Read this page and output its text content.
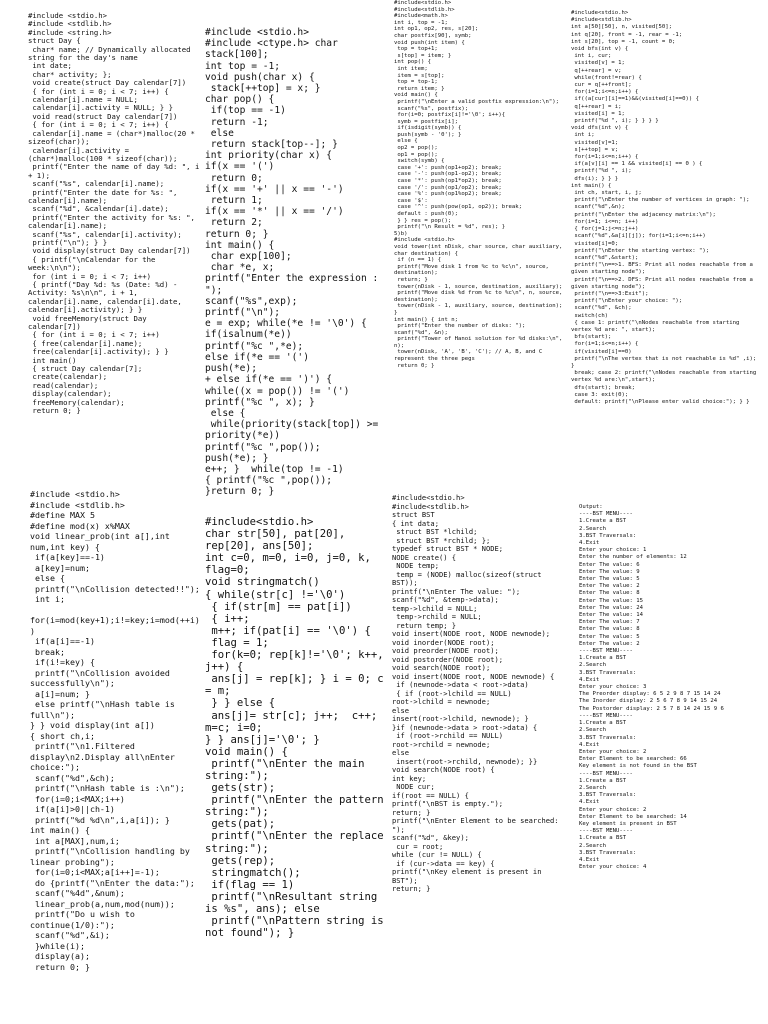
#include <stdio.h>
#include <stdlib.h>
#include <string.h>
struct Day {
char* name; // Dynamically allocated string for the day's name
int date;
char* activity; };
void create(struct Day calendar[7])
{ for (int i = 0; i < 7; i++) {
calendar[i].name = NULL;
calendar[i].activity = NULL; } }
void read(struct Day calendar[7])
{ for (int i = 0; i < 7; i++) {
calendar[i].name = (char*)malloc(20 * sizeof(char));
calendar[i].activity = (char*)malloc(100 * sizeof(char));
printf("Enter the name of day %d: ", i + 1);
scanf("%s", calendar[i].name);
printf("Enter the date for %s: ", calendar[i].name);
scanf("%d", &calendar[i].date);
printf("Enter the activity for %s: ", calendar[i].name);
scanf("%s", calendar[i].activity);
printf("\n"); } }
void display(struct Day calendar[7])
{ printf("\nCalendar for the week:\n\n");
for (int i = 0; i < 7; i++)
{ printf("Day %d: %s (Date: %d) - Activity: %s\n\n", i + 1, calendar[i].name, calendar[i].date, calendar[i].activity); } }
void freeMemory(struct Day calendar[7])
{ for (int i = 0; i < 7; i++)
{ free(calendar[i].name);
free(calendar[i].activity); } }
int main()
{ struct Day calendar[7];
create(calendar);
read(calendar);
display(calendar);
freeMemory(calendar);
return 0; }
#include <stdio.h>
#include <ctype.h> char stack[100];
int top = -1;
void push(char x) {
stack[++top] = x; }
char pop() {
if(top == -1)
return -1;
else
return stack[top--]; }
int priority(char x) {
if(x == '(')
return 0;
if(x == '+' || x == '-')
return 1;
if(x == '*' || x == '/')
return 2;
return 0; }
int main() {
char exp[100];
char *e, x;
printf("Enter the expression : ");
scanf("%s",exp);
printf("\n");
e = exp; while(*e != '\0') {
if(isalnum(*e))
printf("%c ",*e);
else if(*e == '(')
push(*e);
+ else if(*e == ')') {
while((x = pop()) != '(')
printf("%c ", x); }
else {
while(priority(stack[top]) >= priority(*e))
printf("%c ",pop());
push(*e); }
e++; }  while(top != -1)
{ printf("%c ",pop());
}return 0; }
#include<stdio.h>
#include<stdlib.h>
#include<math.h>
int i, top = -1;
int op1, op2, res, s[20];
char postfix[90], symb;
void push(int item) {
top = top+1;
s[top] = item; }
int pop() {
int item;
item = s[top];
top = top-1;
return item; }
void main() {
printf("\nEnter a valid postfix expression:\n");
scanf("%s", postfix);
for(i=0; postfix[i]!='\0'; i++){
symb = postfix[i];
if(isdigit(symb)) {
push(symb - '0'); }
else {
op2 = pop();
op1 = pop();
switch(symb) {
case '+': push(op1+op2); break;
case '-': push(op1-op2); break;
case '*': push(op1*op2); break;
case '/': push(op1/op2); break;
case '%': push(op1%op2); break;
case '$':
case '^': push(pow(op1, op2)); break;
default : push(0);
} } res = pop();
printf("\n Result = %d", res); }
5)b)
#include <stdio.h>
void tower(int nDisk, char source, char auxiliary, char destination) {
if (n == 1) {
printf("Move disk 1 from %c to %c\n", source, destination);
return; }
tower(nDisk - 1, source, destination, auxiliary);
printf("Move disk %d from %c to %c\n", n, source, destination);
tower(nDisk - 1, auxiliary, source, destination); }
int main() { int n;
printf("Enter the number of disks: "); scanf("%d", &n);
printf("Tower of Hanoi solution for %d disks:\n", n);
tower(nDisk, 'A', 'B', 'C'); // A, B, and C represent the three pegs
return 0; }
#include<stdio.h>
#include<stdlib.h>
int a[50][50], n, visited[50];
int q[20], front = -1, rear = -1;
int s[20], top = -1, count = 0;
void bfs(int v) {
int i, cur;
visited[v] = 1;
q[++rear] = v;
while(front!=rear) {
cur = q[++front];
for(i=1;i<=n;i++) {
if((a[cur][i]==1)&&(visited[i]==0)) {
q[++rear] = i;
visited[i] = 1;
printf("%d ", i); } } } }
void dfs(int v) {
int i;
visited[v]=1;
s[++top] = v;
for(i=1;i<=n;i++) {
if(a[v][i] == 1 && visited[i] == 0 ) {
printf("%d ", i);
dfs(i); } } }
int main() {
int ch, start, i, j;
printf("\nEnter the number of vertices in graph: ");
scanf("%d",&n);
printf("\nEnter the adjacency matrix:\n");
for(i=1; i<=n; i++)
{ for(j=1;j<=n;j++)
scanf("%d",&a[i][j]); for(i=1;i<=n;i++)
visited[i]=0;
printf("\nEnter the starting vertex: ");
scanf("%d",&start);
printf("\n==>1. BFS: Print all nodes reachable from a given starting node");
printf("\n==>2. DFS: Print all nodes reachable from a given starting node");
printf("\n==>3:Exit");
printf("\nEnter your choice: ");
scanf("%d", &ch);
switch(ch)
{ case 1: printf("\nNodes reachable from starting vertex %d are: ", start);
bfs(start);
for(i=1;i<=n;i++) {
if(visited[i]==0)
printf("\nThe vertex that is not reachable is %d" ,i); }
break; case 2: printf("\nNodes reachable from starting vertex %d are:\n",start);
dfs(start); break;
case 3: exit(0);
default: printf("\nPlease enter valid choice:"); } }
#include <stdio.h>
#include <stdlib.h>
#define MAX 5
#define mod(x) x%MAX
void linear_prob(int a[],int num,int key) {
if(a[key]==-1)
a[key]=num;
else {
printf("\nCollision detected!!");
int i;
for(i=mod(key+1);i!=key;i=mod(++i))
if(a[i]==-1)
break;
if(i!=key) {
printf("\nCollision avoided successfully\n");
a[i]=num; }
else printf("\nHash table is full\n");
} } void display(int a[])
{ short ch,i;
printf("\n1.Filtered display\n2.Display all\nEnter choice:");
scanf("%d",&ch);
printf("\nHash table is :\n");
for(i=0;i<MAX;i++)
if(a[i]>0||ch-1)
printf("%d %d\n",i,a[i]); }
int main() {
int a[MAX],num,i;
printf("\nCollision handling by linear probing");
for(i=0;i<MAX;a[i++]=-1);
do {printf("\nEnter the data:");
scanf("%4d",&num);
linear_prob(a,num,mod(num));
printf("Do u wish to continue(1/0):");
scanf("%d",&i);
}while(i);
display(a);
return 0; }
#include<stdio.h>
char str[50], pat[20], rep[20], ans[50];
int c=0, m=0, i=0, j=0, k, flag=0;
void stringmatch()
{ while(str[c] !='\0')
{ if(str[m] == pat[i])
{ i++;
m++; if(pat[i] == '\0') {
flag = 1;
for(k=0; rep[k]!='\0'; k++, j++) {
ans[j] = rep[k]; } i = 0; c = m;
} } else {
ans[j]= str[c]; j++;  c++; m=c; i=0;
} } ans[j]='\0'; }
void main() {
printf("\nEnter the main string:");
gets(str);
printf("\nEnter the pattern string:");
gets(pat);
printf("\nEnter the replace string:");
gets(rep);
stringmatch();
if(flag == 1)
printf("\nResultant string is %s", ans); else
printf("\nPattern string is not found"); }
#include<stdio.h>
#include<stdlib.h>
struct BST
{ int data;
struct BST *lchild;
struct BST *rchild; };
typedef struct BST * NODE;
NODE create() {
NODE temp;
temp = (NODE) malloc(sizeof(struct BST));
printf("\nEnter The value: ");
scanf("%d", &temp->data);
temp->lchild = NULL;
temp->rchild = NULL;
return temp; }
void insert(NODE root, NODE newnode);
void inorder(NODE root);
void preorder(NODE root);
void postorder(NODE root);
void search(NODE root);
void insert(NODE root, NODE newnode) {
if (newnode->data < root->data)
{ if (root->lchild == NULL)
root->lchild = newnode;
else
insert(root->lchild, newnode); }
}if (newnode->data > root->data) {
if (root->rchild == NULL)
root->rchild = newnode;
else
insert(root->rchild, newnode); }}
void search(NODE root) {
int key;
NODE cur;
if(root == NULL) {
printf("\nBST is empty.");
return; }
printf("\nEnter Element to be searched: ");
scanf("%d", &key);
cur = root;
while (cur != NULL) {
if (cur->data == key) {
printf("\nKey element is present in BST");
return; }
Output:
----BST MENU----
1.Create a BST
2.Search
3.BST Traversals:
4.Exit
Enter your choice: 1
Enter the number of elements: 12
Enter The value: 6
Enter The value: 9
Enter The value: 5
Enter The value: 2
Enter The value: 8
Enter The value: 15
Enter The value: 24
Enter The value: 14
Enter The value: 7
Enter The value: 8
Enter The value: 5
Enter The value: 2
----BST MENU----
1.Create a BST
2.Search
3.BST Traversals:
4.Exit
Enter your choice: 3
The Preorder display: 6 5 2 9 8 7 15 14 24
The Inorder display: 2 5 6 7 8 9 14 15 24
The Postorder display: 2 5 7 8 14 24 15 9 6
----BST MENU----
1.Create a BST
2.Search
3.BST Traversals:
4.Exit
Enter your choice: 2
Enter Element to be searched: 66
Key element is not found in the BST
----BST MENU----
1.Create a BST
2.Search
3.BST Traversals:
4.Exit
Enter your choice: 2
Enter Element to be searched: 14
Key element is present in BST
----BST MENU----
1.Create a BST
2.Search
3.BST Traversals:
4.Exit
Enter your choice: 4
